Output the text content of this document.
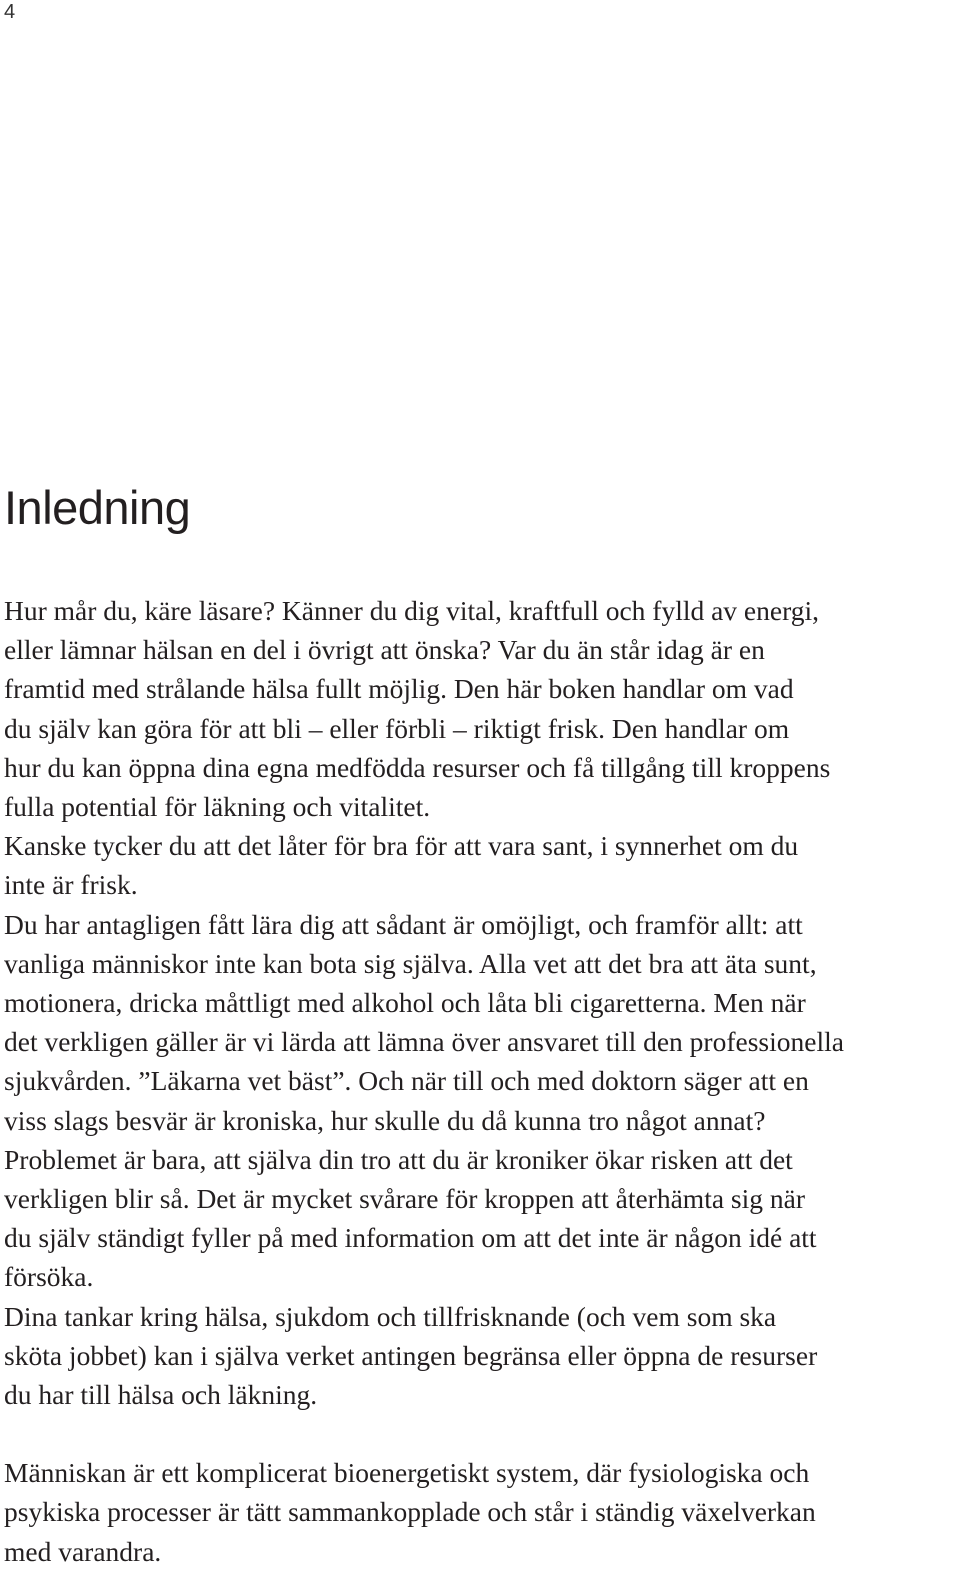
4
Inledning

Hur mår du, käre läsare? Känner du dig vital, kraftfull och fylld av energi,
eller lämnar hälsan en del i övrigt att önska? Var du än står idag är en
framtid med strålande hälsa fullt möjlig. Den här boken handlar om vad
du själv kan göra för att bli – eller förbli – riktigt frisk. Den handlar om
hur du kan öppna dina egna medfödda resurser och få tillgång till kroppens
fulla potential för läkning och vitalitet.

Kanske tycker du att det låter för bra för att vara sant, i synnerhet om du
inte är frisk.

Du har antagligen fått lära dig att sådant är omöjligt, och framför allt: att
vanliga människor inte kan bota sig själva. Alla vet att det bra att äta sunt,
motionera, dricka måttligt med alkohol och låta bli cigaretterna. Men när
det verkligen gäller är vi lärda att lämna över ansvaret till den professionella
sjukvården. ”Läkarna vet bäst”. Och när till och med doktorn säger att en
viss slags besvär är kroniska, hur skulle du då kunna tro något annat?

Problemet är bara, att själva din tro att du är kroniker ökar risken att det
verkligen blir så. Det är mycket svårare för kroppen att återhämta sig när
du själv ständigt fyller på med information om att det inte är någon idé att
försöka.

Dina tankar kring hälsa, sjukdom och tillfrisknande (och vem som ska
sköta jobbet) kan i själva verket antingen begränsa eller öppna de resurser
du har till hälsa och läkning.

Människan är ett komplicerat bioenergetiskt system, där fysiologiska och
psykiska processer är tätt sammankopplade och står i ständig växelverkan
med varandra.
